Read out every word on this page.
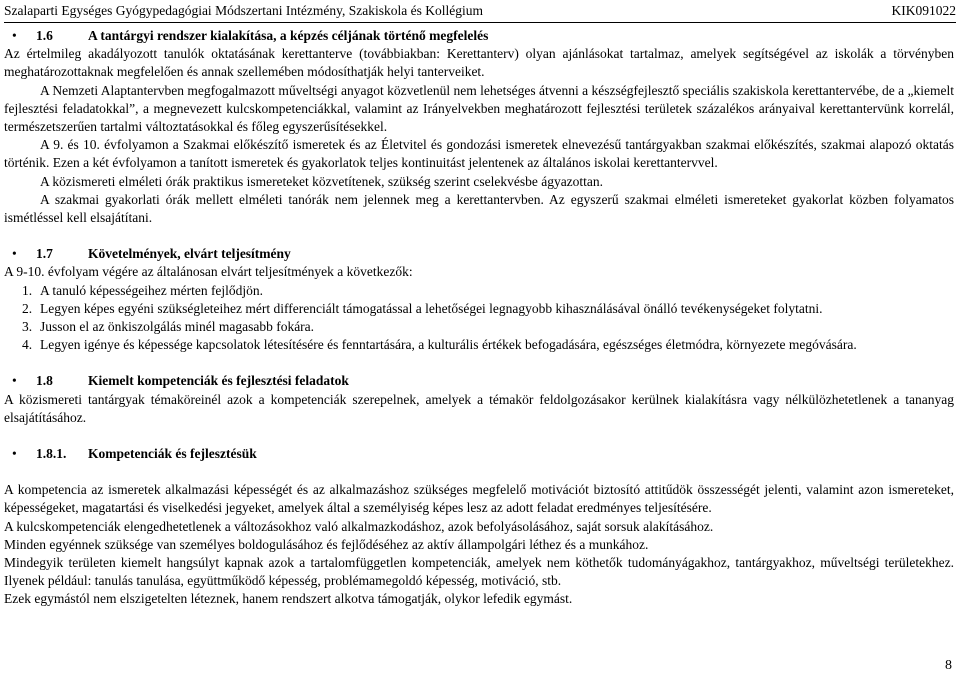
Szalaparti Egységes Gyógypedagógiai Módszertani Intézmény, Szakiskola és Kollégium	KIK091022
•	1.6	A tantárgyi rendszer kialakítása, a képzés céljának történő megfelelés

Az értelmileg akadályozott tanulók oktatásának kerettanterve (továbbiakban: Kerettanterv) olyan ajánlásokat tartalmaz, amelyek segítségével az iskolák a törvényben meghatározottaknak megfelelően és annak szellemében módosíthatják helyi tanterveiket.

A Nemzeti Alaptantervben megfogalmazott műveltségi anyagot közvetlenül nem lehetséges átvenni a készségfejlesztő speciális szakiskola kerettantervébe, de a „kiemelt fejlesztési feladatokkal”, a megnevezett kulcskompetenciákkal, valamint az Irányelvekben meghatározott fejlesztési területek százalékos arányaival kerettantervünk korrelál, természetszerűen tartalmi változtatásokkal és főleg egyszerűsítésekkel.

A 9. és 10. évfolyamon a Szakmai előkészítő ismeretek és az Életvitel és gondozási ismeretek elnevezésű tantárgyakban szakmai előkészítés, szakmai alapozó oktatás történik. Ezen a két évfolyamon a tanított ismeretek és gyakorlatok teljes kontinuitást jelentenek az általános iskolai kerettantervvel.

A közismereti elméleti órák praktikus ismereteket közvetítenek, szükség szerint cselekvésbe ágyazottan.

A szakmai gyakorlati órák mellett elméleti tanórák nem jelennek meg a kerettantervben. Az egyszerű szakmai elméleti ismereteket gyakorlat közben folyamatos ismétléssel kell elsajátítani.

•	1.7	Követelmények, elvárt teljesítmény

A 9-10. évfolyam végére az általánosan elvárt teljesítmények a következők:

1. A tanuló képességeihez mérten fejlődjön.
2. Legyen képes egyéni szükségleteihez mért differenciált támogatással a lehetőségei legnagyobb kihasználásával önálló tevékenységeket folytatni.
3. Jusson el az önkiszolgálás minél magasabb fokára.
4. Legyen igénye és képessége kapcsolatok létesítésére és fenntartására, a kulturális értékek befogadására, egészséges életmódra, környezete megóvására.
•	1.8	Kiemelt kompetenciák és fejlesztési feladatok

A közismereti tantárgyak témaköreinél azok a kompetenciák szerepelnek, amelyek a témakör feldolgozásakor kerülnek kialakításra vagy nélkülözhetetlenek a tananyag elsajátításához.

•	1.8.1.	Kompetenciák és fejlesztésük

A kompetencia az ismeretek alkalmazási képességét és az alkalmazáshoz szükséges megfelelő motivációt biztosító attitűdök összességét jelenti, valamint azon ismereteket, képességeket, magatartási és viselkedési jegyeket, amelyek által a személyiség képes lesz az adott feladat eredményes teljesítésére.

A kulcskompetenciák elengedhetetlenek a változásokhoz való alkalmazkodáshoz, azok befolyásolásához, saját sorsuk alakításához.

Minden egyénnek szüksége van személyes boldogulásához és fejlődéséhez az aktív állampolgári léthez és a munkához.

Mindegyik területen kiemelt hangsúlyt kapnak azok a tartalomfüggetlen kompetenciák, amelyek nem köthetők tudományágakhoz, tantárgyakhoz, műveltségi területekhez. Ilyenek például: tanulás tanulása, együttműködő képesség, problémamegoldó képesség, motiváció, stb.

Ezek egymástól nem elszigetelten léteznek, hanem rendszert alkotva támogatják, olykor lefedik egymást.

8
